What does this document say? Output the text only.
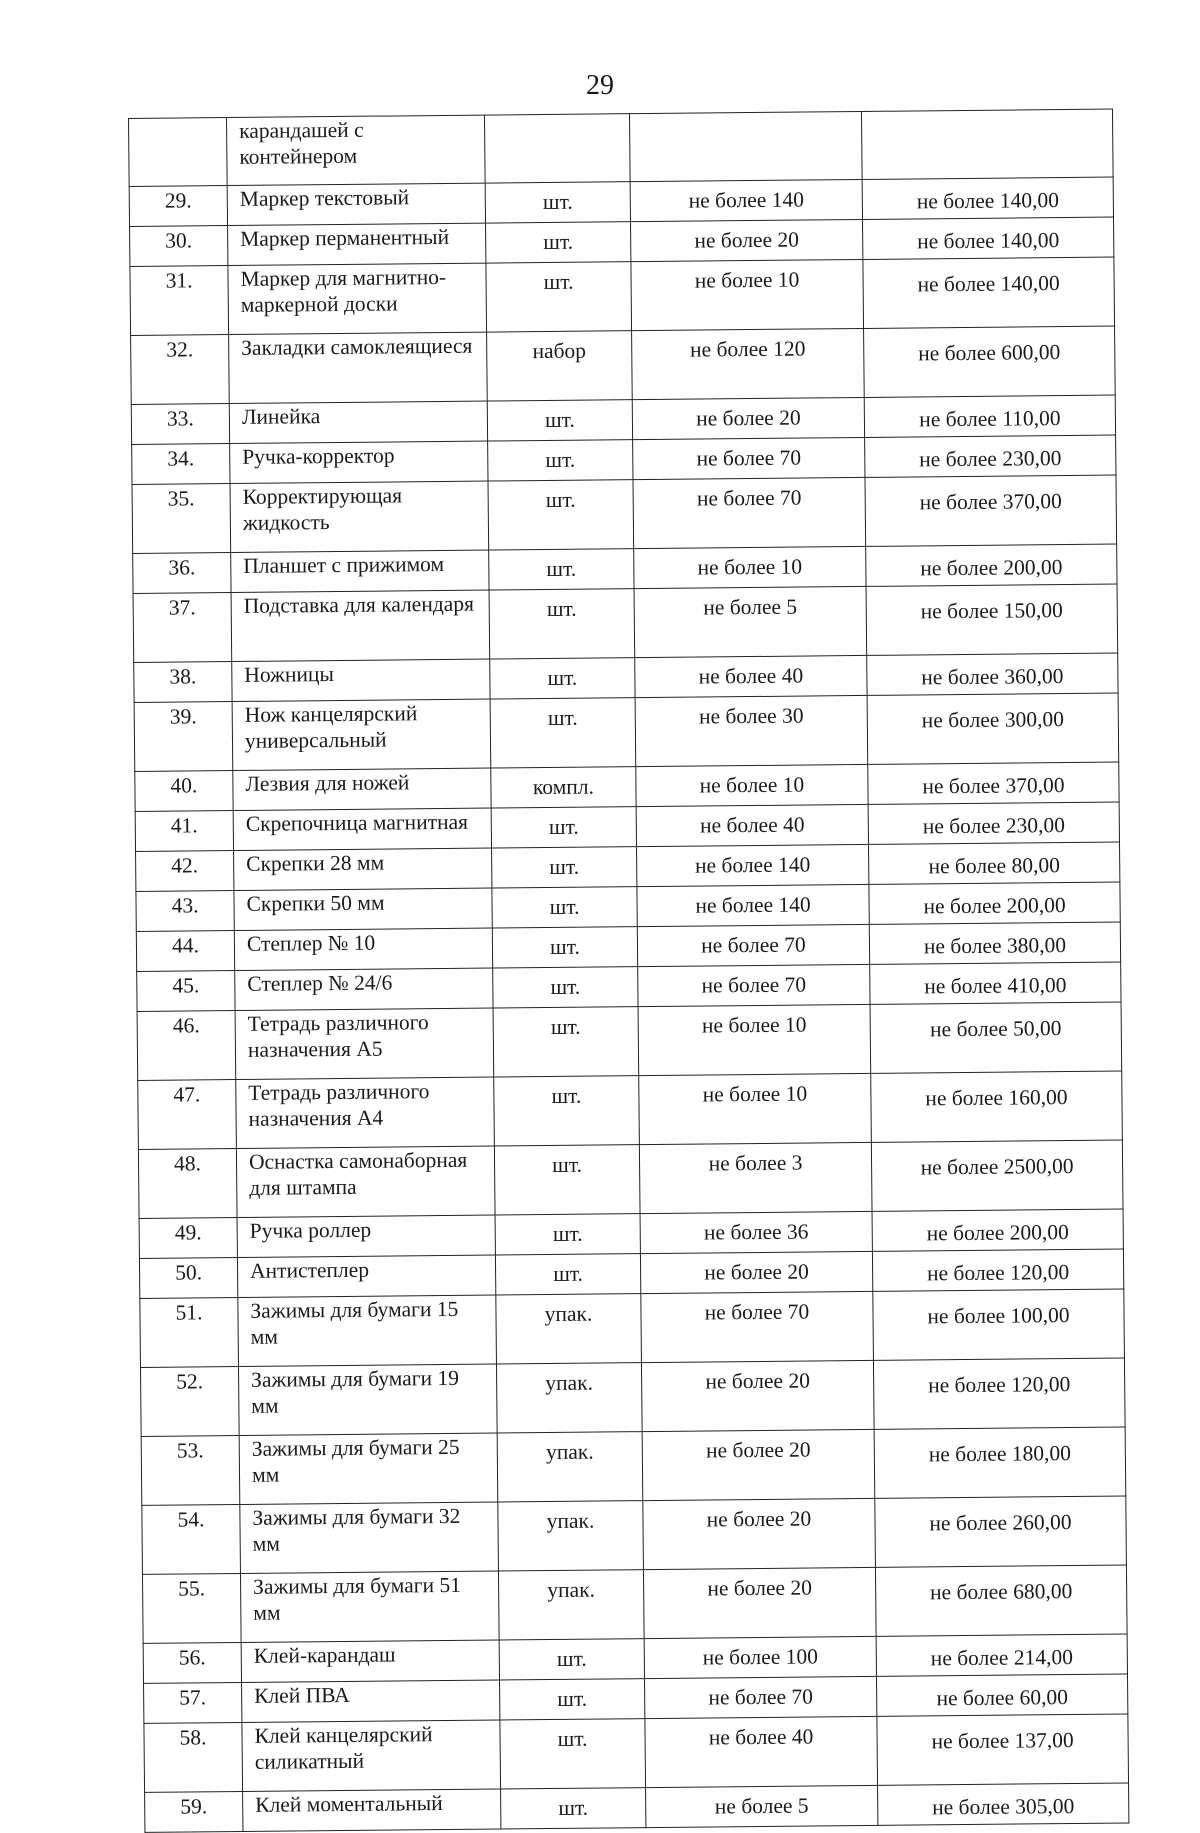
29
	карандашей с контейнером			
29.	Маркер текстовый	шт.	не более 140	не более 140,00
30.	Маркер перманентный	шт.	не более 20	не более 140,00
31.	Маркер для магнитно-маркерной доски	шт.	не более 10	не более 140,00
32.	Закладки самоклеящиеся	набор	не более 120	не более 600,00
33.	Линейка	шт.	не более 20	не более 110,00
34.	Ручка-корректор	шт.	не более 70	не более 230,00
35.	Корректирующая жидкость	шт.	не более 70	не более 370,00
36.	Планшет с прижимом	шт.	не более 10	не более 200,00
37.	Подставка для календаря	шт.	не более 5	не более 150,00
38.	Ножницы	шт.	не более 40	не более 360,00
39.	Нож канцелярский универсальный	шт.	не более 30	не более 300,00
40.	Лезвия для ножей	компл.	не более 10	не более 370,00
41.	Скрепочница магнитная	шт.	не более 40	не более 230,00
42.	Скрепки 28 мм	шт.	не более 140	не более 80,00
43.	Скрепки 50 мм	шт.	не более 140	не более 200,00
44.	Степлер № 10	шт.	не более 70	не более 380,00
45.	Степлер № 24/6	шт.	не более 70	не более 410,00
46.	Тетрадь различного назначения А5	шт.	не более 10	не более 50,00
47.	Тетрадь различного назначения А4	шт.	не более 10	не более 160,00
48.	Оснастка самонаборная для штампа	шт.	не более 3	не более 2500,00
49.	Ручка роллер	шт.	не более 36	не более 200,00
50.	Антистеплер	шт.	не более 20	не более 120,00
51.	Зажимы для бумаги 15 мм	упак.	не более 70	не более 100,00
52.	Зажимы для бумаги 19 мм	упак.	не более 20	не более 120,00
53.	Зажимы для бумаги 25 мм	упак.	не более 20	не более 180,00
54.	Зажимы для бумаги 32 мм	упак.	не более 20	не более 260,00
55.	Зажимы для бумаги 51 мм	упак.	не более 20	не более 680,00
56.	Клей-карандаш	шт.	не более 100	не более 214,00
57.	Клей ПВА	шт.	не более 70	не более 60,00
58.	Клей канцелярский силикатный	шт.	не более 40	не более 137,00
59.	Клей моментальный	шт.	не более 5	не более 305,00
